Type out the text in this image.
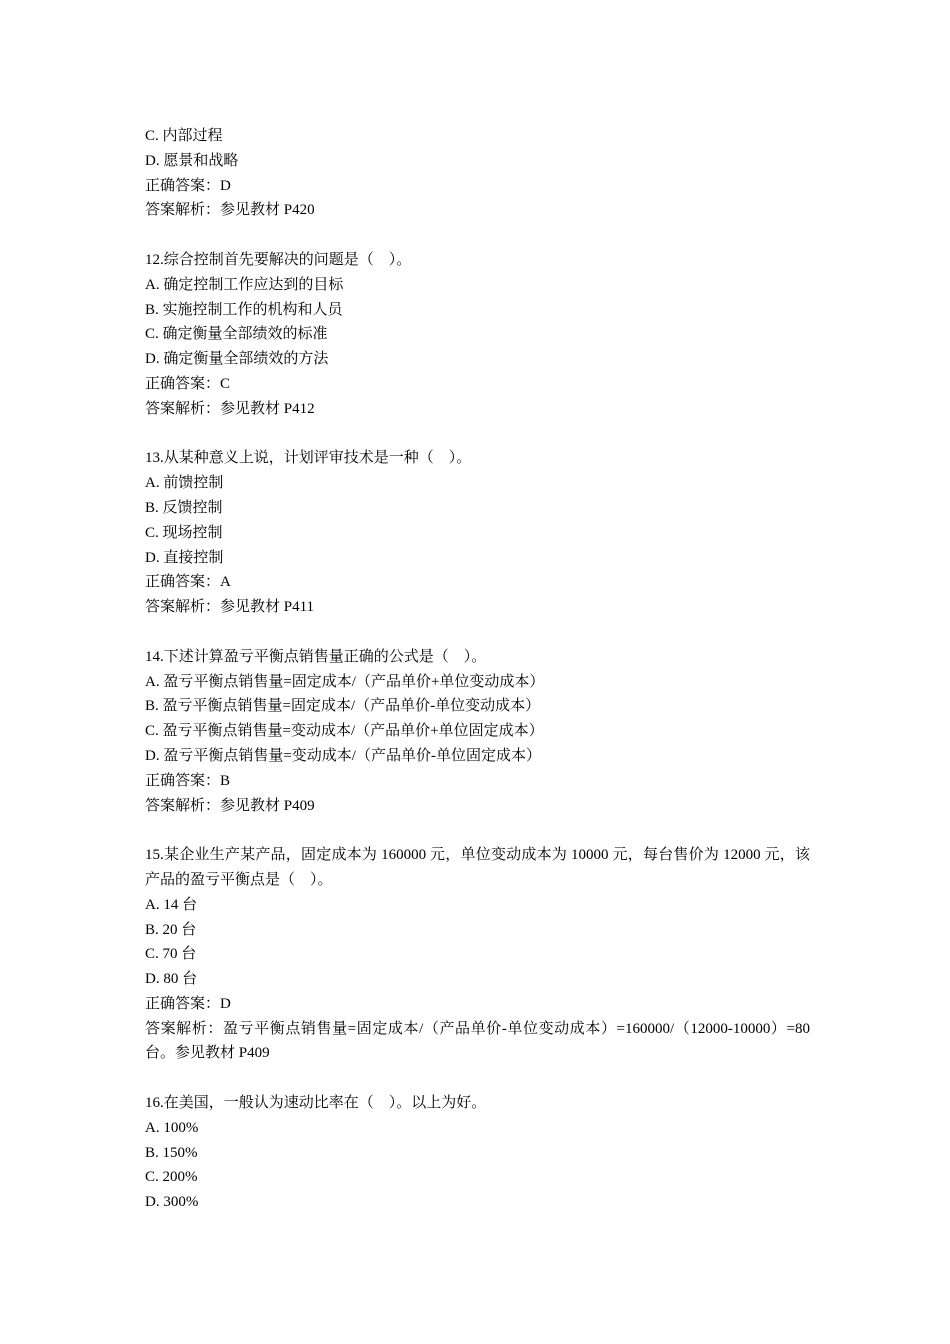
C. 内部过程
D. 愿景和战略
正确答案：D
答案解析：参见教材 P420
12.综合控制首先要解决的问题是（　）。
A. 确定控制工作应达到的目标
B. 实施控制工作的机构和人员
C. 确定衡量全部绩效的标准
D. 确定衡量全部绩效的方法
正确答案：C
答案解析：参见教材 P412
13.从某种意义上说，计划评审技术是一种（　）。
A. 前馈控制
B. 反馈控制
C. 现场控制
D. 直接控制
正确答案：A
答案解析：参见教材 P411
14.下述计算盈亏平衡点销售量正确的公式是（　）。
A. 盈亏平衡点销售量=固定成本/（产品单价+单位变动成本）
B. 盈亏平衡点销售量=固定成本/（产品单价-单位变动成本）
C. 盈亏平衡点销售量=变动成本/（产品单价+单位固定成本）
D. 盈亏平衡点销售量=变动成本/（产品单价-单位固定成本）
正确答案：B
答案解析：参见教材 P409
15.某企业生产某产品，固定成本为 160000 元，单位变动成本为 10000 元，每台售价为 12000 元，该产品的盈亏平衡点是（　）。
A. 14 台
B. 20 台
C. 70 台
D. 80 台
正确答案：D
答案解析：盈亏平衡点销售量=固定成本/（产品单价-单位变动成本）=160000/（12000-10000）=80 台。参见教材 P409
16.在美国，一般认为速动比率在（　）。以上为好。
A. 100%
B. 150%
C. 200%
D. 300%
